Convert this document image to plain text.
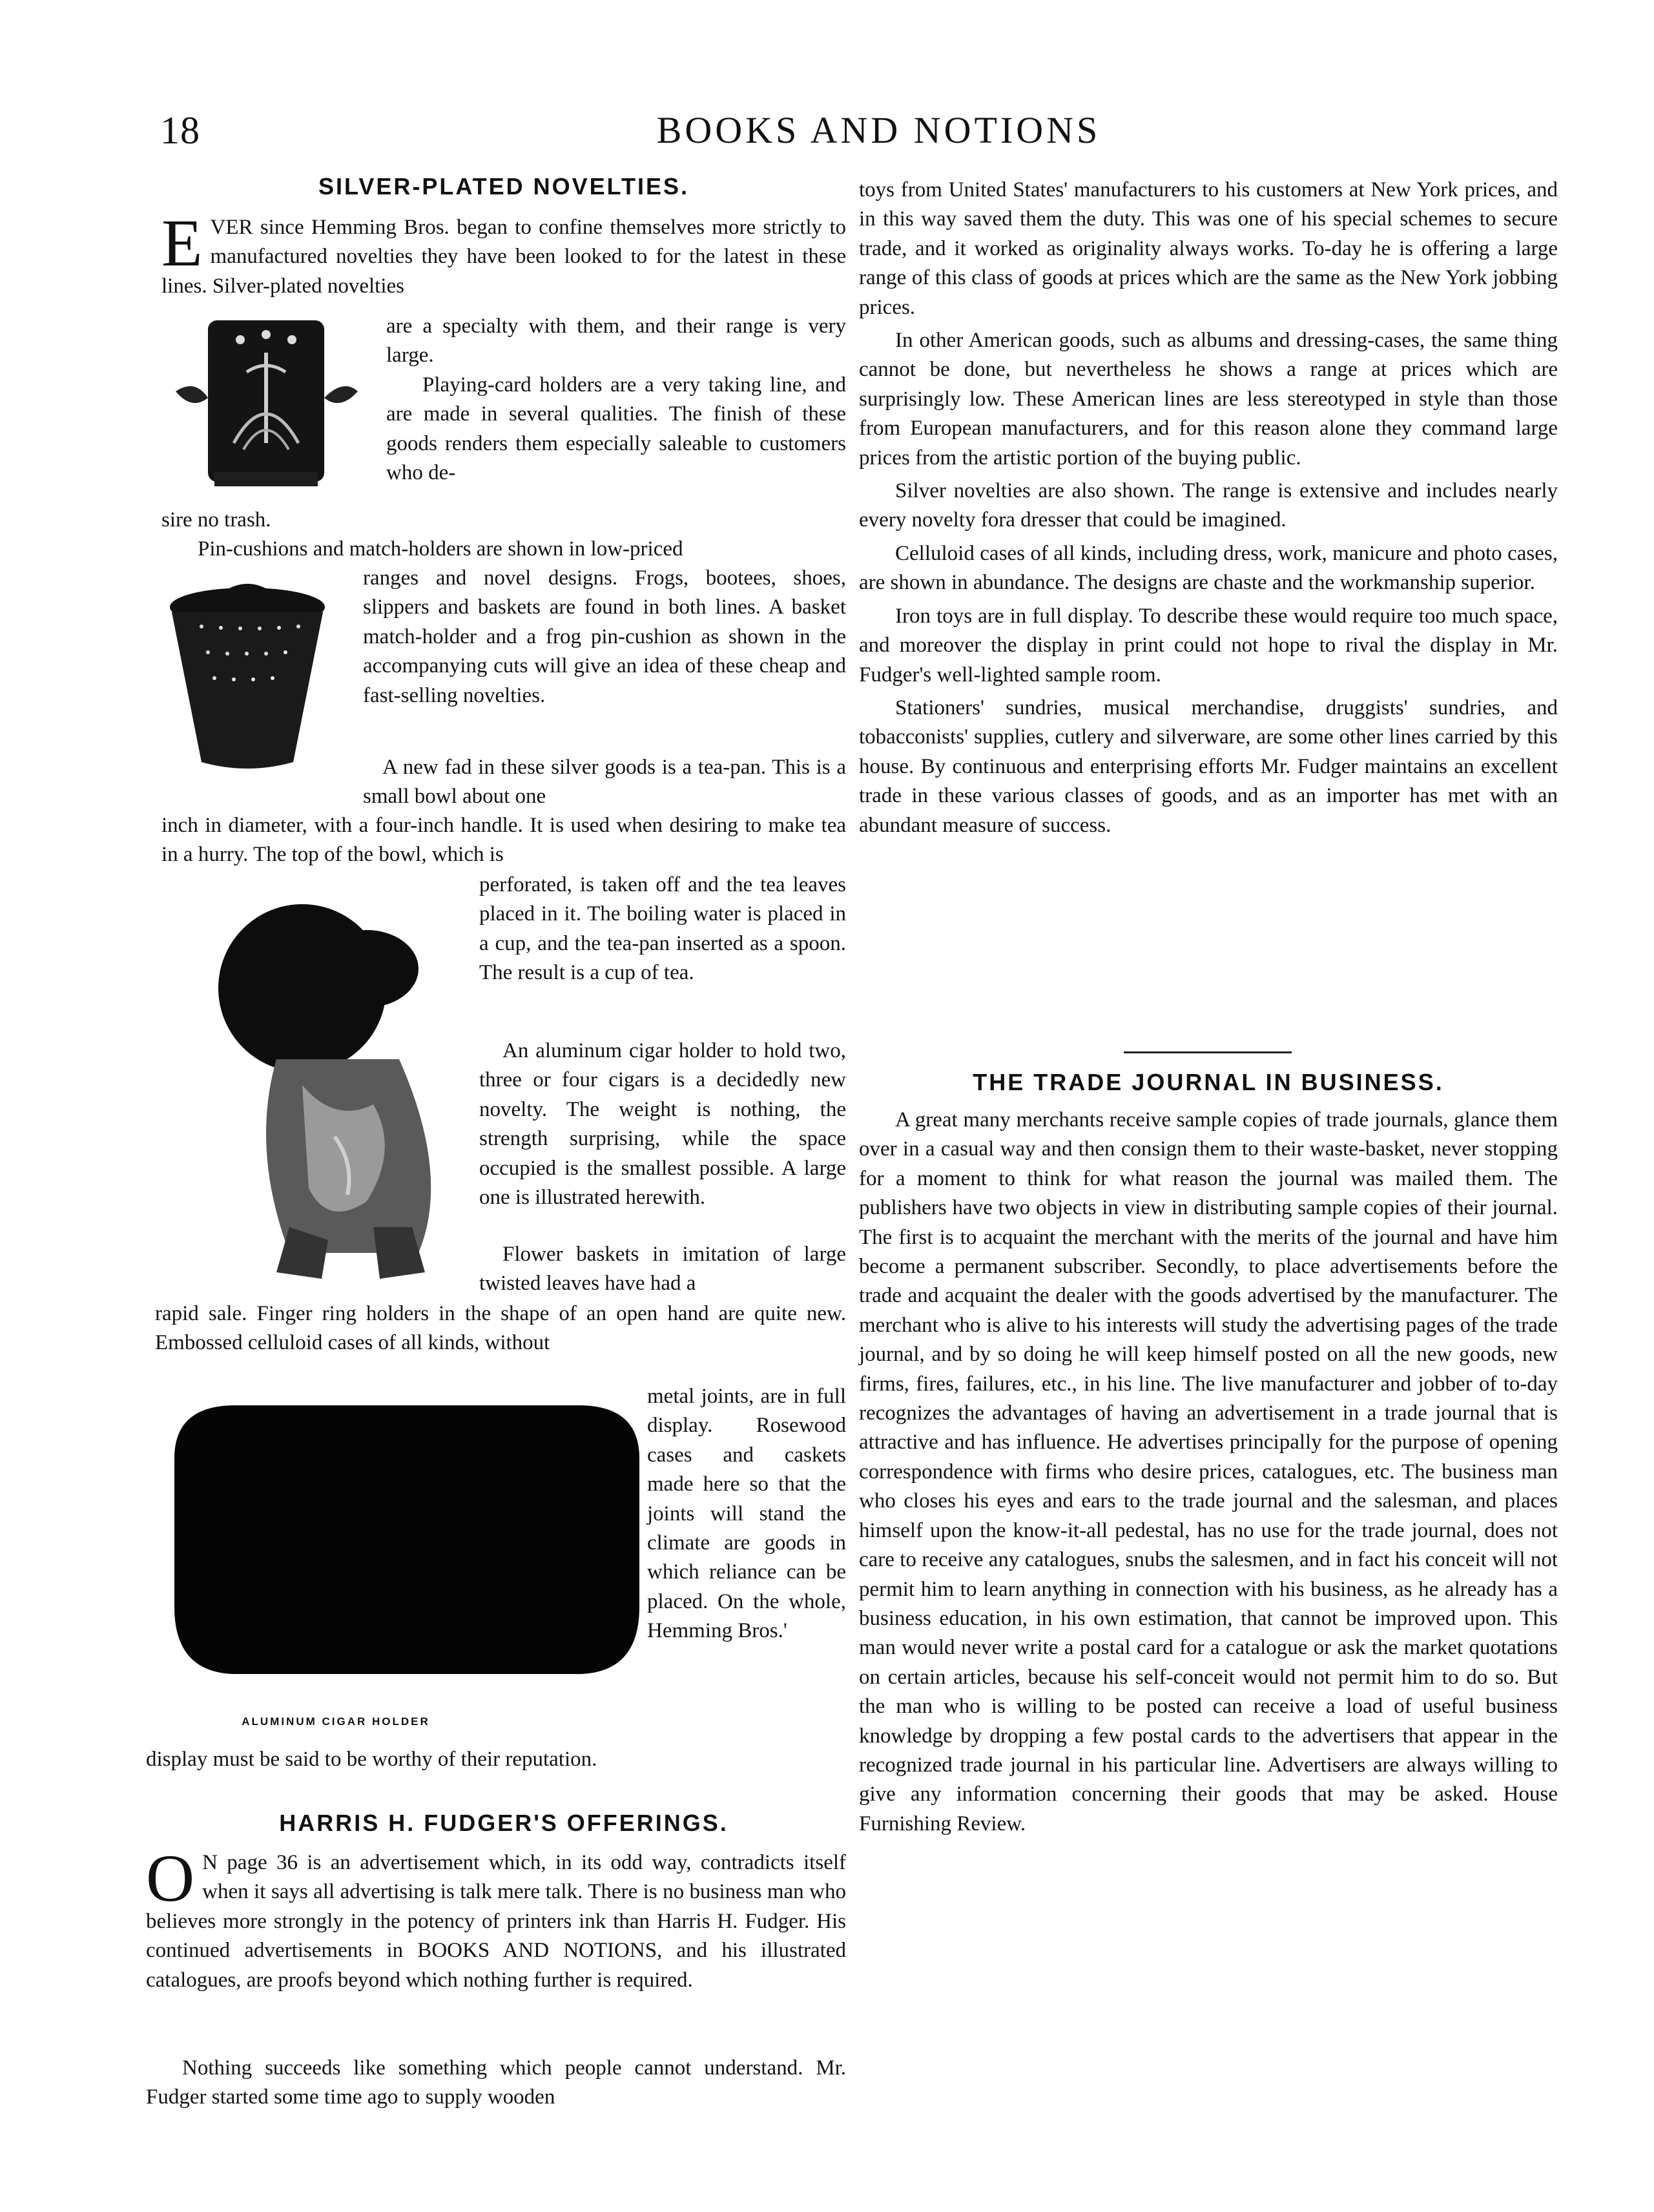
18	BOOKS AND NOTIONS
SILVER-PLATED NOVELTIES.
E VER since Hemming Bros. began to confine themselves more strictly to manufactured novelties they have been looked to for the latest in these lines. Silver-plated novelties
are a specialty with them, and their range is very large.
Playing-card holders are a very taking line, and are made in several qualities. The finish of these goods renders them especially saleable to customers who de-
sire no trash.
Pin-cushions and match-holders are shown in low-priced
ranges and novel designs. Frogs, bootees, shoes, slippers and baskets are found in both lines. A basket match-holder and a frog pin-cushion as shown in the accompanying cuts will give an idea of these cheap and fast-selling novelties.
A new fad in these silver goods is a tea-pan. This is a small bowl about one
inch in diameter, with a four-inch handle. It is used when desiring to make tea in a hurry. The top of the bowl, which is
perforated, is taken off and the tea leaves placed in it. The boiling water is placed in a cup, and the tea-pan inserted as a spoon. The result is a cup of tea.
An aluminum cigar holder to hold two, three or four cigars is a decidedly new novelty. The weight is nothing, the strength surprising, while the space occupied is the smallest possible. A large one is illustrated herewith.
Flower baskets in imitation of large twisted leaves have had a
rapid sale. Finger ring holders in the shape of an open hand are quite new. Embossed celluloid cases of all kinds, without
ALUMINUM CIGAR HOLDER
metal joints, are in full display. Rosewood cases and caskets made here so that the joints will stand the climate are goods in which reliance can be placed. On the whole, Hemming Bros.'
display must be said to be worthy of their reputation.
HARRIS H. FUDGER'S OFFERINGS.
O N page 36 is an advertisement which, in its odd way, contradicts itself when it says all advertising is talk mere talk. There is no business man who believes more strongly in the potency of printers ink than Harris H. Fudger. His continued advertisements in BOOKS AND NOTIONS, and his illustrated catalogues, are proofs beyond which nothing further is required.
Nothing succeeds like something which people cannot understand. Mr. Fudger started some time ago to supply wooden

toys from United States' manufacturers to his customers at New York prices, and in this way saved them the duty. This was one of his special schemes to secure trade, and it worked as originality always works. To-day he is offering a large range of this class of goods at prices which are the same as the New York jobbing prices.

In other American goods, such as albums and dressing-cases, the same thing cannot be done, but nevertheless he shows a range at prices which are surprisingly low. These American lines are less stereotyped in style than those from European manufacturers, and for this reason alone they command large prices from the artistic portion of the buying public.

Silver novelties are also shown. The range is extensive and includes nearly every novelty fora dresser that could be imagined.

Celluloid cases of all kinds, including dress, work, manicure and photo cases, are shown in abundance. The designs are chaste and the workmanship superior.

Iron toys are in full display. To describe these would require too much space, and moreover the display in print could not hope to rival the display in Mr. Fudger's well-lighted sample room.

Stationers' sundries, musical merchandise, druggists' sundries, and tobacconists' supplies, cutlery and silverware, are some other lines carried by this house. By continuous and enterprising efforts Mr. Fudger maintains an excellent trade in these various classes of goods, and as an importer has met with an abundant measure of success.

THE TRADE JOURNAL IN BUSINESS.

A great many merchants receive sample copies of trade journals, glance them over in a casual way and then consign them to their waste-basket, never stopping for a moment to think for what reason the journal was mailed them. The publishers have two objects in view in distributing sample copies of their journal. The first is to acquaint the merchant with the merits of the journal and have him become a permanent subscriber. Secondly, to place advertisements before the trade and acquaint the dealer with the goods advertised by the manufacturer. The merchant who is alive to his interests will study the advertising pages of the trade journal, and by so doing he will keep himself posted on all the new goods, new firms, fires, failures, etc., in his line. The live manufacturer and jobber of to-day recognizes the advantages of having an advertisement in a trade journal that is attractive and has influence. He advertises principally for the purpose of opening correspondence with firms who desire prices, catalogues, etc. The business man who closes his eyes and ears to the trade journal and the salesman, and places himself upon the know-it-all pedestal, has no use for the trade journal, does not care to receive any catalogues, snubs the salesmen, and in fact his conceit will not permit him to learn anything in connection with his business, as he already has a business education, in his own estimation, that cannot be improved upon. This man would never write a postal card for a catalogue or ask the market quotations on certain articles, because his self-conceit would not permit him to do so. But the man who is willing to be posted can receive a load of useful business knowledge by dropping a few postal cards to the advertisers that appear in the recognized trade journal in his particular line. Advertisers are always willing to give any information concerning their goods that may be asked. House Furnishing Review.
